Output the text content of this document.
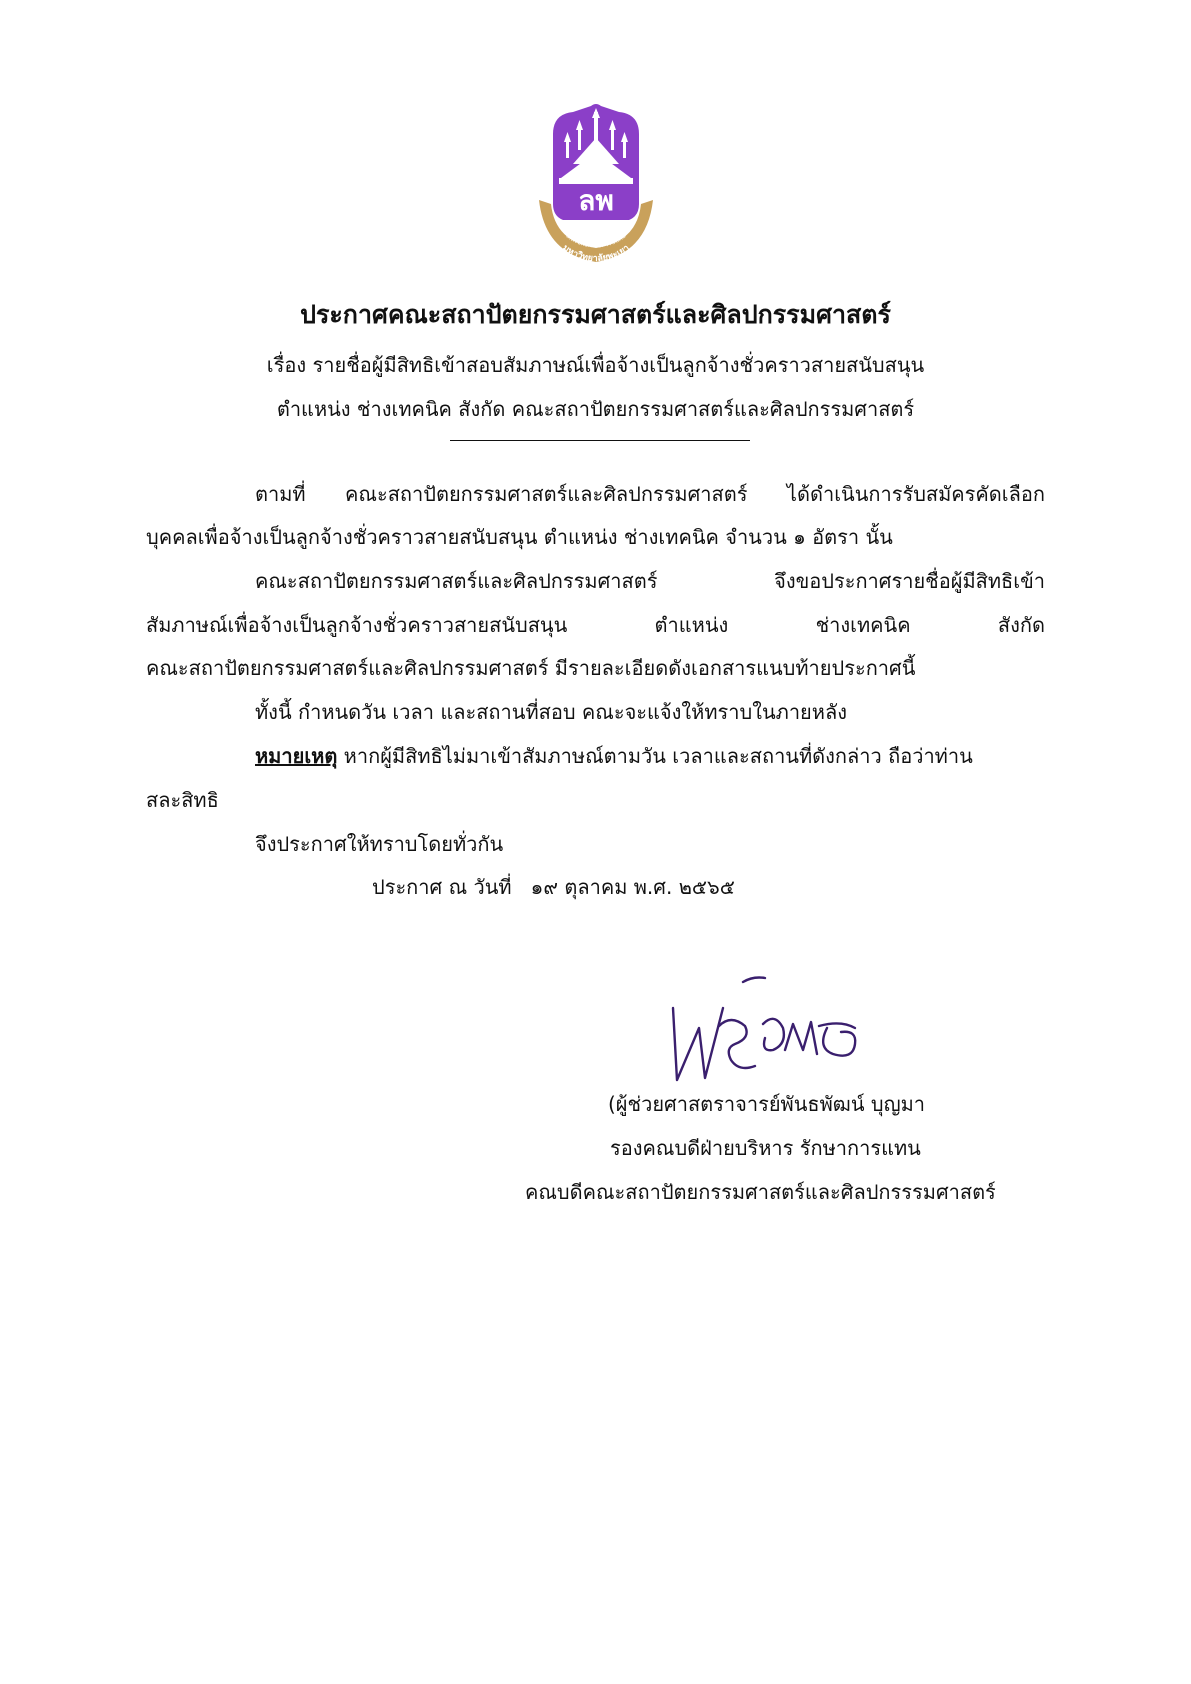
ลพ
มหาวิทยาลัยพะเยา
UNIVERSITY OF PHAYAO
ประกาศคณะสถาปัตยกรรมศาสตร์และศิลปกรรมศาสตร์
เรื่อง รายชื่อผู้มีสิทธิเข้าสอบสัมภาษณ์เพื่อจ้างเป็นลูกจ้างชั่วคราวสายสนับสนุน
ตำแหน่ง ช่างเทคนิค สังกัด คณะสถาปัตยกรรมศาสตร์และศิลปกรรมศาสตร์
ตามที่ คณะสถาปัตยกรรมศาสตร์และศิลปกรรมศาสตร์ ได้ดำเนินการรับสมัครคัดเลือก
บุคคลเพื่อจ้างเป็นลูกจ้างชั่วคราวสายสนับสนุน ตำแหน่ง ช่างเทคนิค จำนวน ๑ อัตรา นั้น
คณะสถาปัตยกรรมศาสตร์และศิลปกรรมศาสตร์ จึงขอประกาศรายชื่อผู้มีสิทธิเข้า
สัมภาษณ์เพื่อจ้างเป็นลูกจ้างชั่วคราวสายสนับสนุน ตำแหน่ง ช่างเทคนิค สังกัด
คณะสถาปัตยกรรมศาสตร์และศิลปกรรมศาสตร์ มีรายละเอียดดังเอกสารแนบท้ายประกาศนี้
ทั้งนี้ กำหนดวัน เวลา และสถานที่สอบ คณะจะแจ้งให้ทราบในภายหลัง
หมายเหตุ หากผู้มีสิทธิไม่มาเข้าสัมภาษณ์ตามวัน เวลาและสถานที่ดังกล่าว ถือว่าท่าน
สละสิทธิ
จึงประกาศให้ทราบโดยทั่วกัน
ประกาศ ณ วันที่   ๑๙ ตุลาคม พ.ศ. ๒๕๖๕
(ผู้ช่วยศาสตราจารย์พันธพัฒน์ บุญมา
รองคณบดีฝ่ายบริหาร รักษาการแทน
คณบดีคณะสถาปัตยกรรมศาสตร์และศิลปกรรรมศาสตร์
